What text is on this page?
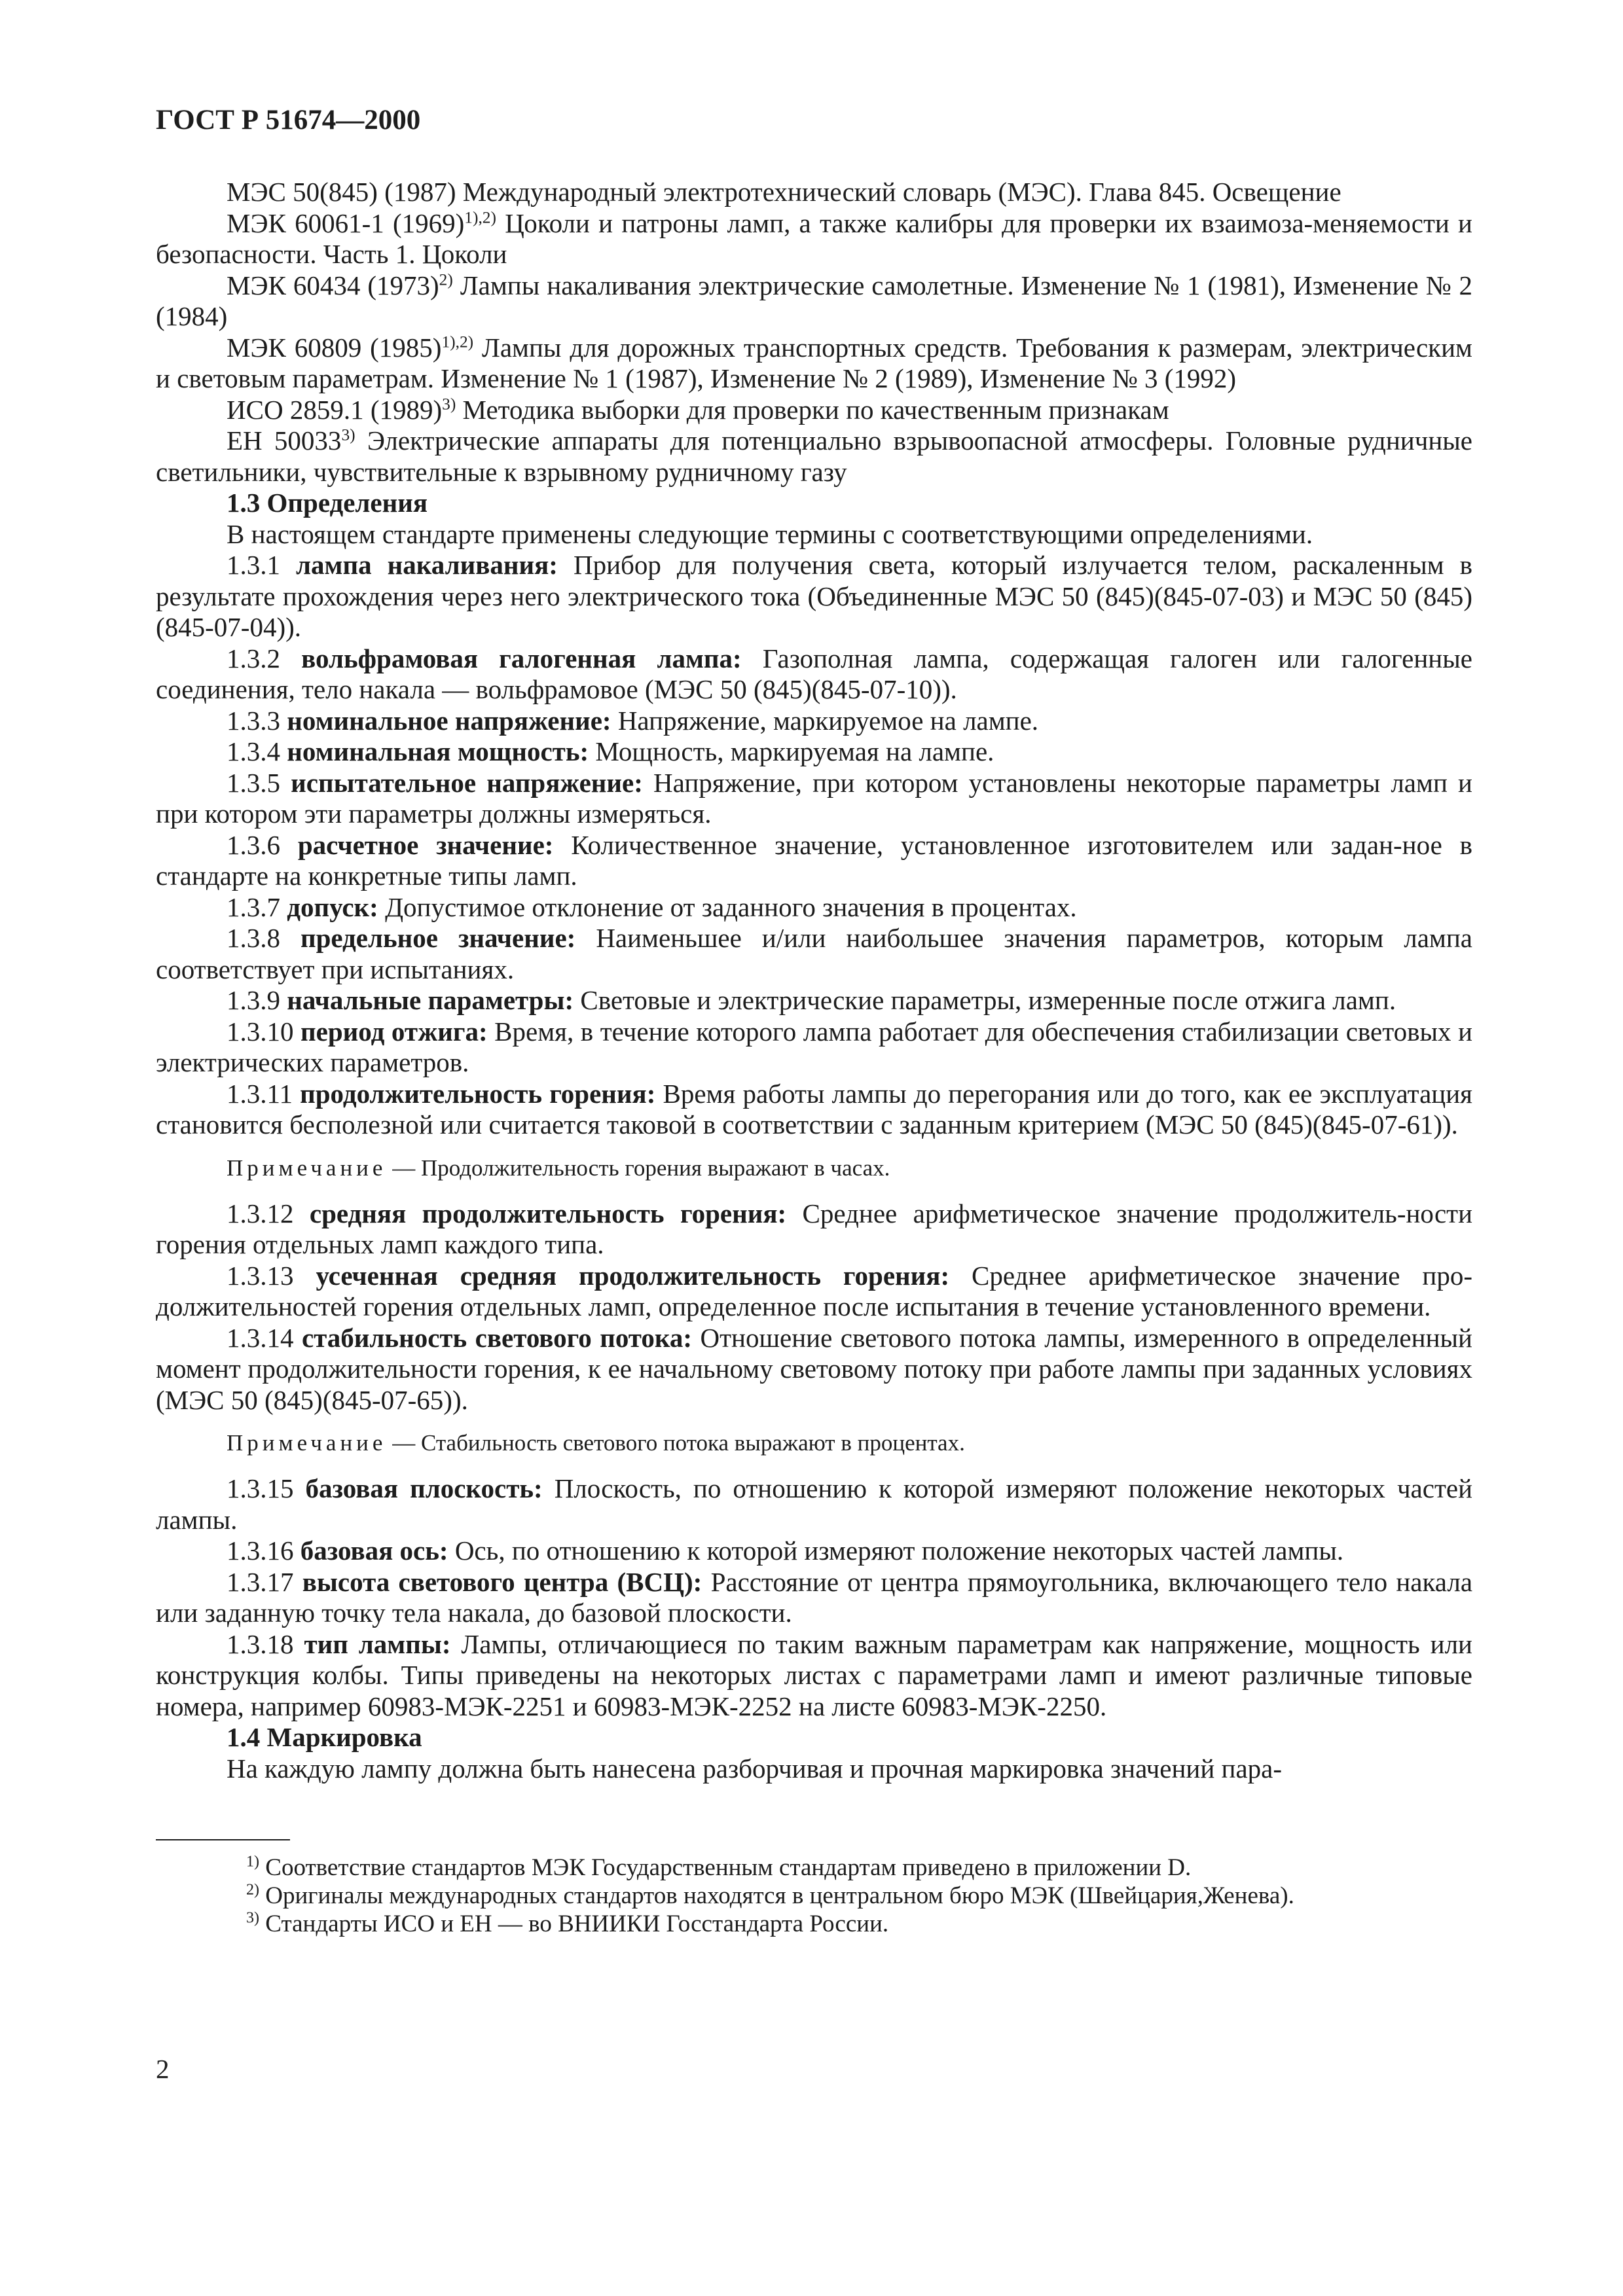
ГОСТ Р 51674—2000

МЭС 50(845) (1987) Международный электротехнический словарь (МЭС). Глава 845. Освещение

МЭК 60061-1 $(1969)^{1),2)}$ Цоколи и патроны ламп, а также калибры для проверки их взаимоза-меняемости и безопасности. Часть 1. Цоколи

МЭК 60434 $(1973)^{2)}$ Лампы накаливания электрические самолетные. Изменение № 1 (1981), Изменение № 2 (1984)

МЭК 60809 $(1985)^{1),2)}$ Лампы для дорожных транспортных средств. Требования к размерам, электрическим и световым параметрам. Изменение № 1 (1987), Изменение № 2 (1989), Изменение № 3 (1992)

ИСО 2859.1 $(1989)^{3)}$ Методика выборки для проверки по качественным признакам

ЕН 50033$^{3)}$ Электрические аппараты для потенциально взрывоопасной атмосферы. Головные рудничные светильники, чувствительные к взрывному рудничному газу

1.3 Определения

В настоящем стандарте применены следующие термины с соответствующими определениями.

1.3.1 лампа накаливания: Прибор для получения света, который излучается телом, раскаленным в результате прохождения через него электрического тока (Объединенные МЭС 50 (845)(845-07-03) и МЭС 50 (845)(845-07-04)).

1.3.2 вольфрамовая галогенная лампа: Газополная лампа, содержащая галоген или галогенные соединения, тело накала — вольфрамовое (МЭС 50 (845)(845-07-10)).

1.3.3 номинальное напряжение: Напряжение, маркируемое на лампе.

1.3.4 номинальная мощность: Мощность, маркируемая на лампе.

1.3.5 испытательное напряжение: Напряжение, при котором установлены некоторые параметры ламп и при котором эти параметры должны измеряться.

1.3.6 расчетное значение: Количественное значение, установленное изготовителем или задан-ное в стандарте на конкретные типы ламп.

1.3.7 допуск: Допустимое отклонение от заданного значения в процентах.

1.3.8 предельное значение: Наименьшее и/или наибольшее значения параметров, которым лампа соответствует при испытаниях.

1.3.9 начальные параметры: Световые и электрические параметры, измеренные после отжига ламп.

1.3.10 период отжига: Время, в течение которого лампа работает для обеспечения стабилизации световых и электрических параметров.

1.3.11 продолжительность горения: Время работы лампы до перегорания или до того, как ее эксплуатация становится бесполезной или считается таковой в соответствии с заданным критерием (МЭС 50 (845)(845-07-61)).

Примечание — Продолжительность горения выражают в часах.

1.3.12 средняя продолжительность горения: Среднее арифметическое значение продолжитель-ности горения отдельных ламп каждого типа.

1.3.13 усеченная средняя продолжительность горения: Среднее арифметическое значение про-должительностей горения отдельных ламп, определенное после испытания в течение установленного времени.

1.3.14 стабильность светового потока: Отношение светового потока лампы, измеренного в определенный момент продолжительности горения, к ее начальному световому потоку при работе лампы при заданных условиях (МЭС 50 (845)(845-07-65)).

Примечание — Стабильность светового потока выражают в процентах.

1.3.15 базовая плоскость: Плоскость, по отношению к которой измеряют положение некоторых частей лампы.

1.3.16 базовая ось: Ось, по отношению к которой измеряют положение некоторых частей лампы.

1.3.17 высота светового центра (ВСЦ): Расстояние от центра прямоугольника, включающего тело накала или заданную точку тела накала, до базовой плоскости.

1.3.18 тип лампы: Лампы, отличающиеся по таким важным параметрам как напряжение, мощность или конструкция колбы. Типы приведены на некоторых листах с параметрами ламп и имеют различные типовые номера, например 60983-МЭК-2251 и 60983-МЭК-2252 на листе 60983-МЭК-2250.

1.4 Маркировка

На каждую лампу должна быть нанесена разборчивая и прочная маркировка значений пара-

$^{1)}$ Соответствие стандартов МЭК Государственным стандартам приведено в приложении D.

$^{2)}$ Оригиналы международных стандартов находятся в центральном бюро МЭК (Швейцария,Женева).

$^{3)}$ Стандарты ИСО и ЕН — во ВНИИКИ Госстандарта России.

2
